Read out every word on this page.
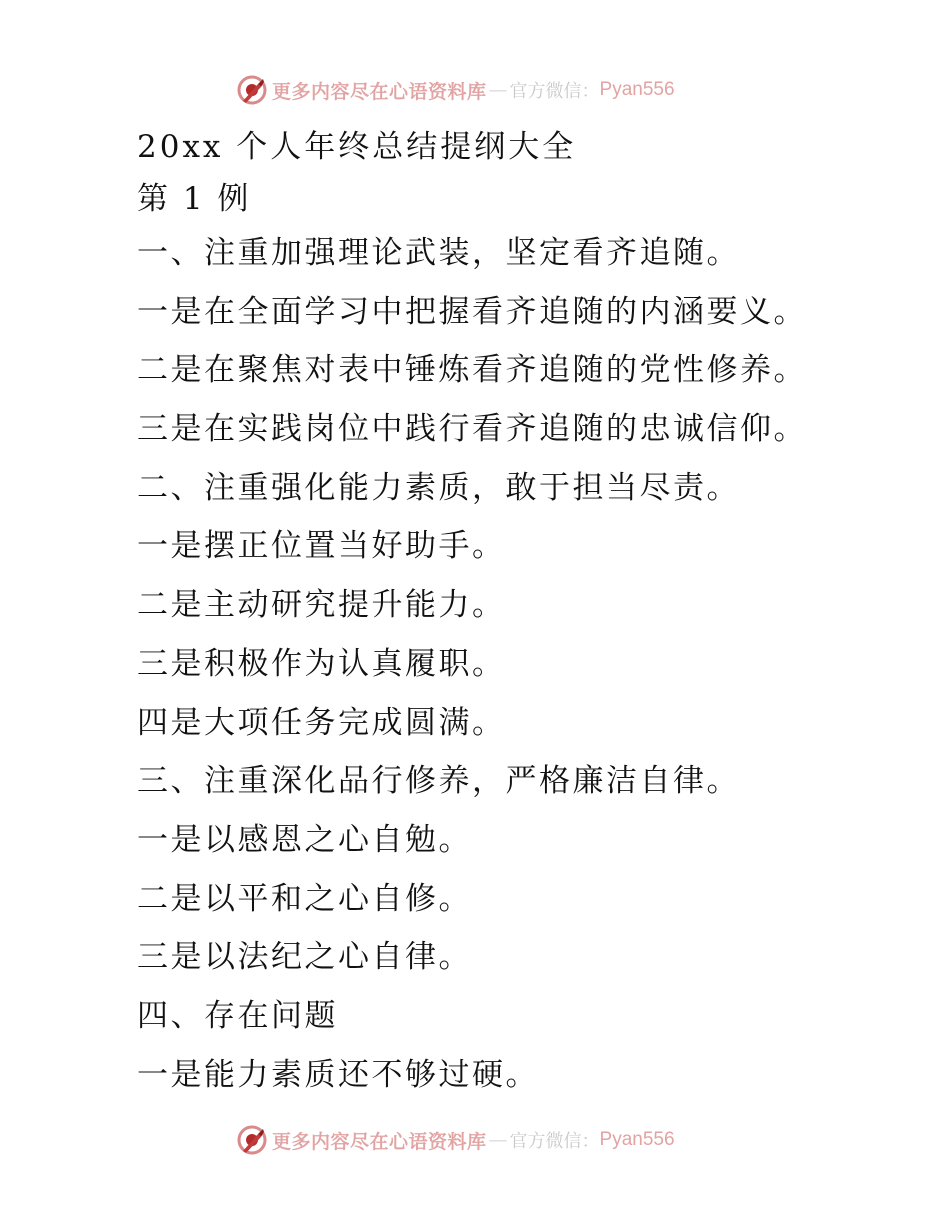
更多内容尽在心语资料库 — 官方微信： Pyan556
20xx 个人年终总结提纲大全
第 1 例
一、注重加强理论武装，坚定看齐追随。
一是在全面学习中把握看齐追随的内涵要义。
二是在聚焦对表中锤炼看齐追随的党性修养。
三是在实践岗位中践行看齐追随的忠诚信仰。
二、注重强化能力素质，敢于担当尽责。
一是摆正位置当好助手。
二是主动研究提升能力。
三是积极作为认真履职。
四是大项任务完成圆满。
三、注重深化品行修养，严格廉洁自律。
一是以感恩之心自勉。
二是以平和之心自修。
三是以法纪之心自律。
四、存在问题
一是能力素质还不够过硬。
更多内容尽在心语资料库 — 官方微信： Pyan556
